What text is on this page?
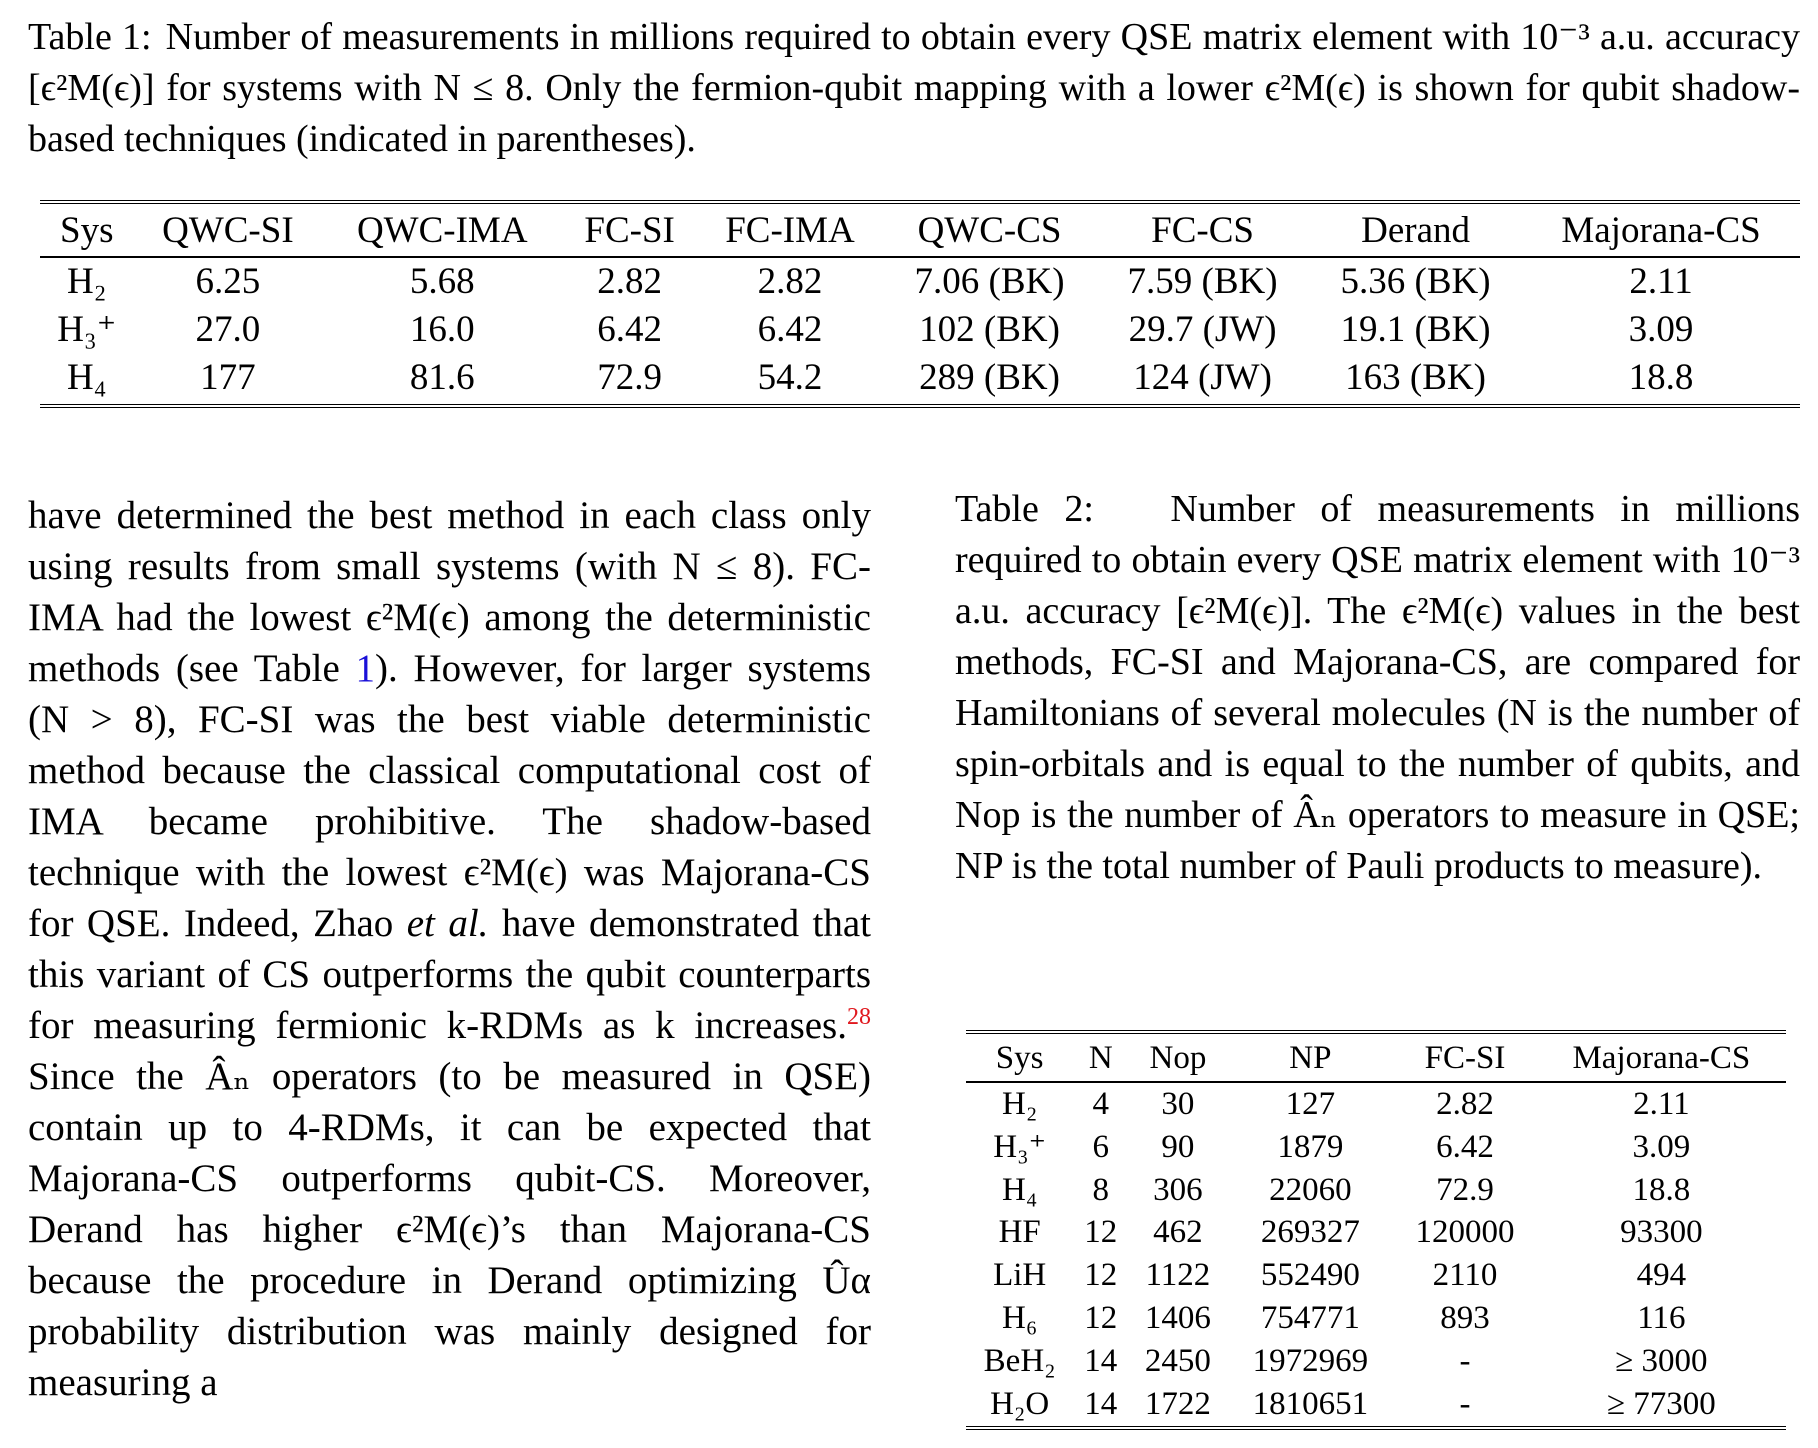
Table 1: Number of measurements in millions required to obtain every QSE matrix element with 10⁻³ a.u. accuracy [ϵ²M(ϵ)] for systems with N ≤ 8. Only the fermion-qubit mapping with a lower ϵ²M(ϵ) is shown for qubit shadow-based techniques (indicated in parentheses).
Sys	QWC-SI	QWC-IMA	FC-SI	FC-IMA	QWC-CS	FC-CS	Derand	Majorana-CS
H₂	6.25	5.68	2.82	2.82	7.06 (BK)	7.59 (BK)	5.36 (BK)	2.11
H₃⁺	27.0	16.0	6.42	6.42	102 (BK)	29.7 (JW)	19.1 (BK)	3.09
H₄	177	81.6	72.9	54.2	289 (BK)	124 (JW)	163 (BK)	18.8
have determined the best method in each class only using results from small systems (with N ≤ 8). FC-IMA had the lowest ϵ²M(ϵ) among the deterministic methods (see Table 1). However, for larger systems (N > 8), FC-SI was the best viable deterministic method because the classical computational cost of IMA became prohibitive. The shadow-based technique with the lowest ϵ²M(ϵ) was Majorana-CS for QSE. Indeed, Zhao et al. have demonstrated that this variant of CS outperforms the qubit counterparts for measuring fermionic k-RDMs as k increases.$^{28}$ Since the Âₙ operators (to be measured in QSE) contain up to 4-RDMs, it can be expected that Majorana-CS outperforms qubit-CS. Moreover, Derand has higher ϵ²M(ϵ)’s than Majorana-CS because the procedure in Derand optimizing Ûα probability distribution was mainly designed for measuring a
Table 2: Number of measurements in millions required to obtain every QSE matrix element with 10⁻³ a.u. accuracy [ϵ²M(ϵ)]. The ϵ²M(ϵ) values in the best methods, FC-SI and Majorana-CS, are compared for Hamiltonians of several molecules (N is the number of spin-orbitals and is equal to the number of qubits, and Nop is the number of Âₙ operators to measure in QSE; NP is the total number of Pauli products to measure).
Sys	N	Nop	NP	FC-SI	Majorana-CS
H₂	4	30	127	2.82	2.11
H₃⁺	6	90	1879	6.42	3.09
H₄	8	306	22060	72.9	18.8
HF	12	462	269327	120000	93300
LiH	12	1122	552490	2110	494
H₆	12	1406	754771	893	116
BeH₂	14	2450	1972969	-	≥ 3000
H₂O	14	1722	1810651	-	≥ 77300
